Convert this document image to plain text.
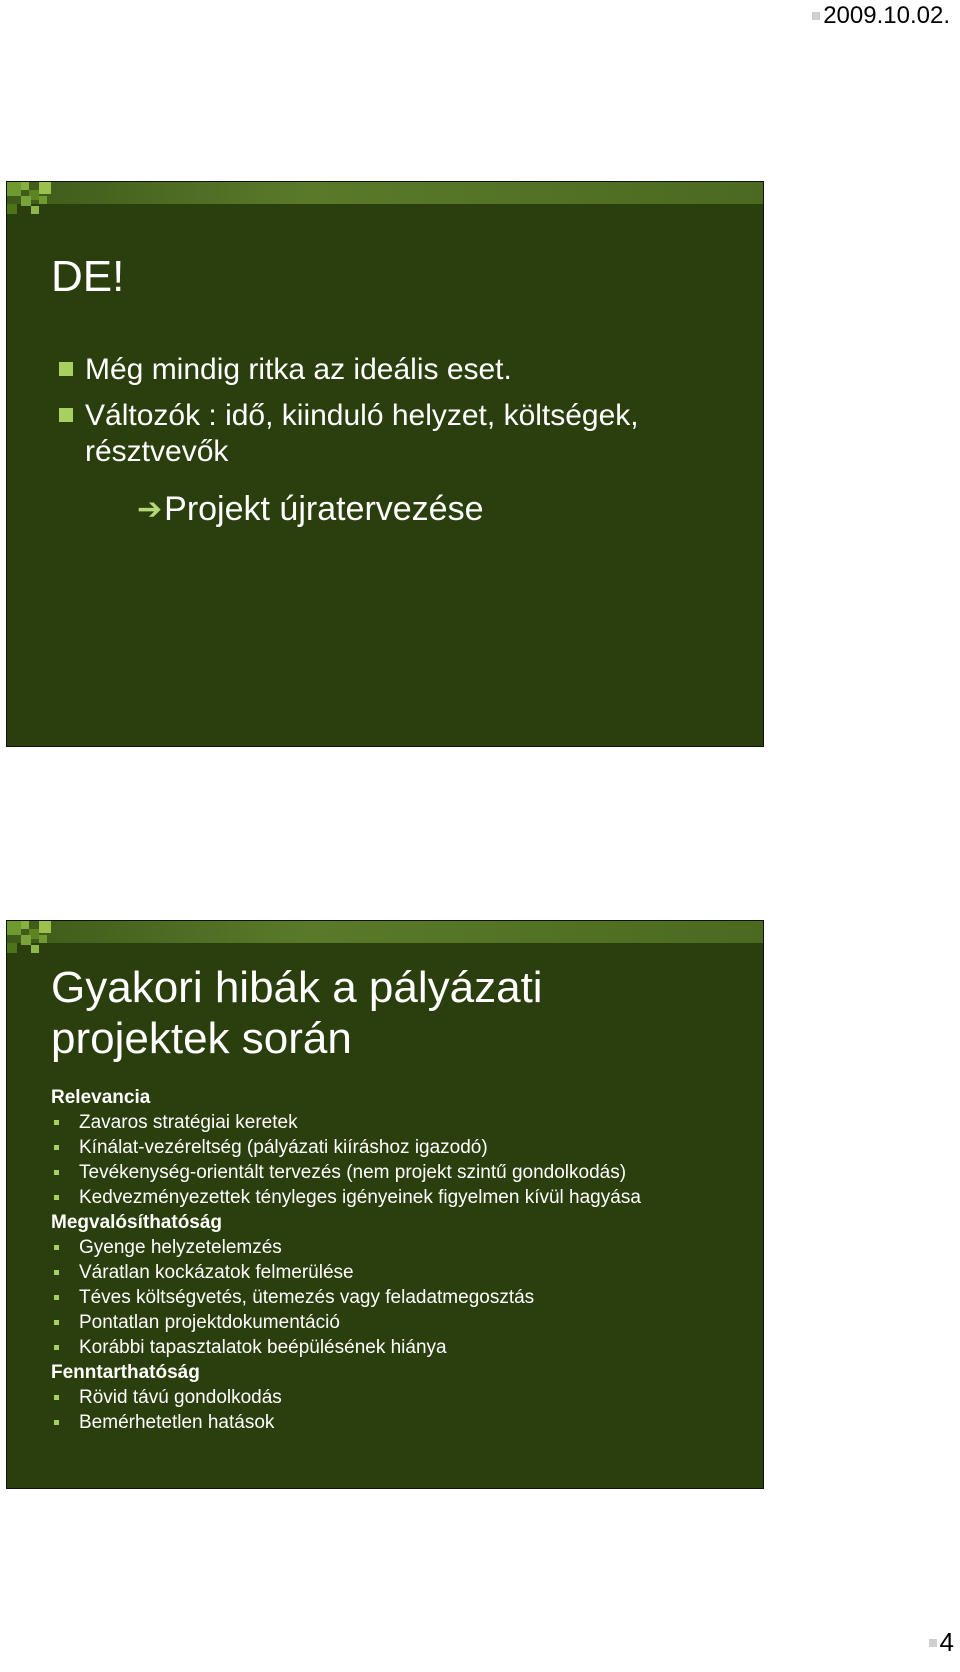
2009.10.02.
DE!
Még mindig ritka az ideális eset.
Változók : idő, kiinduló helyzet, költségek, résztvevők
➔ Projekt újratervezése
Gyakori hibák a pályázati projektek során
Relevancia
Zavaros stratégiai keretek
Kínálat-vezéreltség (pályázati kiíráshoz igazodó)
Tevékenység-orientált tervezés (nem projekt szintű gondolkodás)
Kedvezményezettek tényleges igényeinek figyelmen kívül hagyása
Megvalósíthatóság
Gyenge helyzetelemzés
Váratlan kockázatok felmerülése
Téves költségvetés, ütemezés vagy feladatmegosztás
Pontatlan projektdokumentáció
Korábbi tapasztalatok beépülésének hiánya
Fenntarthatóság
Rövid távú gondolkodás
Bemérhetetlen hatások
4
